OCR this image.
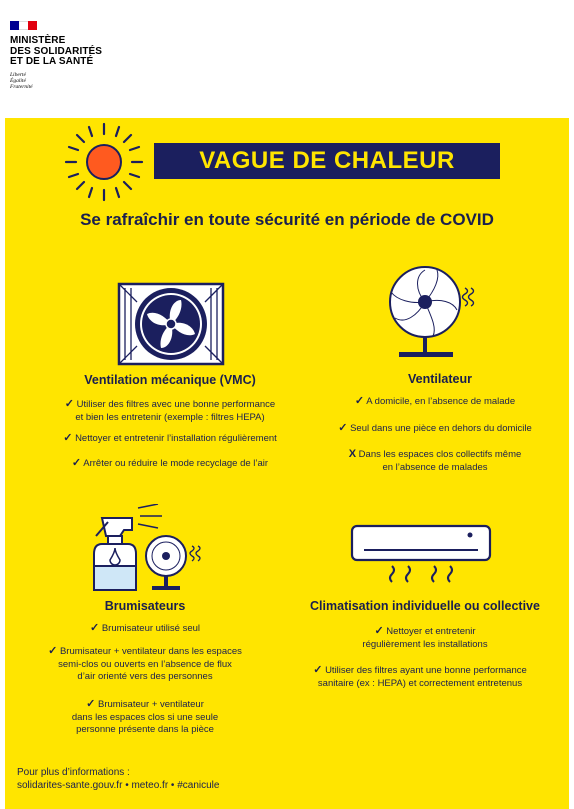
MINISTÈRE
DES SOLIDARITÉS
ET DE LA SANTÉ
Liberté
Égalité
Fraternité
VAGUE DE CHALEUR
Se rafraîchir en toute sécurité en période de COVID
Ventilation mécanique (VMC)
✓ Utiliser des filtres avec une bonne performance
et bien les entretenir (exemple : filtres HEPA)
✓ Nettoyer et entretenir l’installation régulièrement
✓ Arrêter ou réduire le mode recyclage de l’air
Ventilateur
✓ A domicile, en l’absence de malade
✓ Seul dans une pièce en dehors du domicile
X Dans les espaces clos collectifs même
en l’absence de malades
Brumisateurs
✓ Brumisateur utilisé seul
✓ Brumisateur + ventilateur dans les espaces
semi-clos ou ouverts en l’absence de flux
d’air orienté vers des personnes
✓ Brumisateur + ventilateur
dans les espaces clos si une seule
personne présente dans la pièce
Climatisation individuelle ou collective
✓ Nettoyer et entretenir
régulièrement les installations
✓ Utiliser des filtres ayant une bonne performance
sanitaire (ex : HEPA) et correctement entretenus
Pour plus d’informations :
solidarites-sante.gouv.fr • meteo.fr • #canicule
